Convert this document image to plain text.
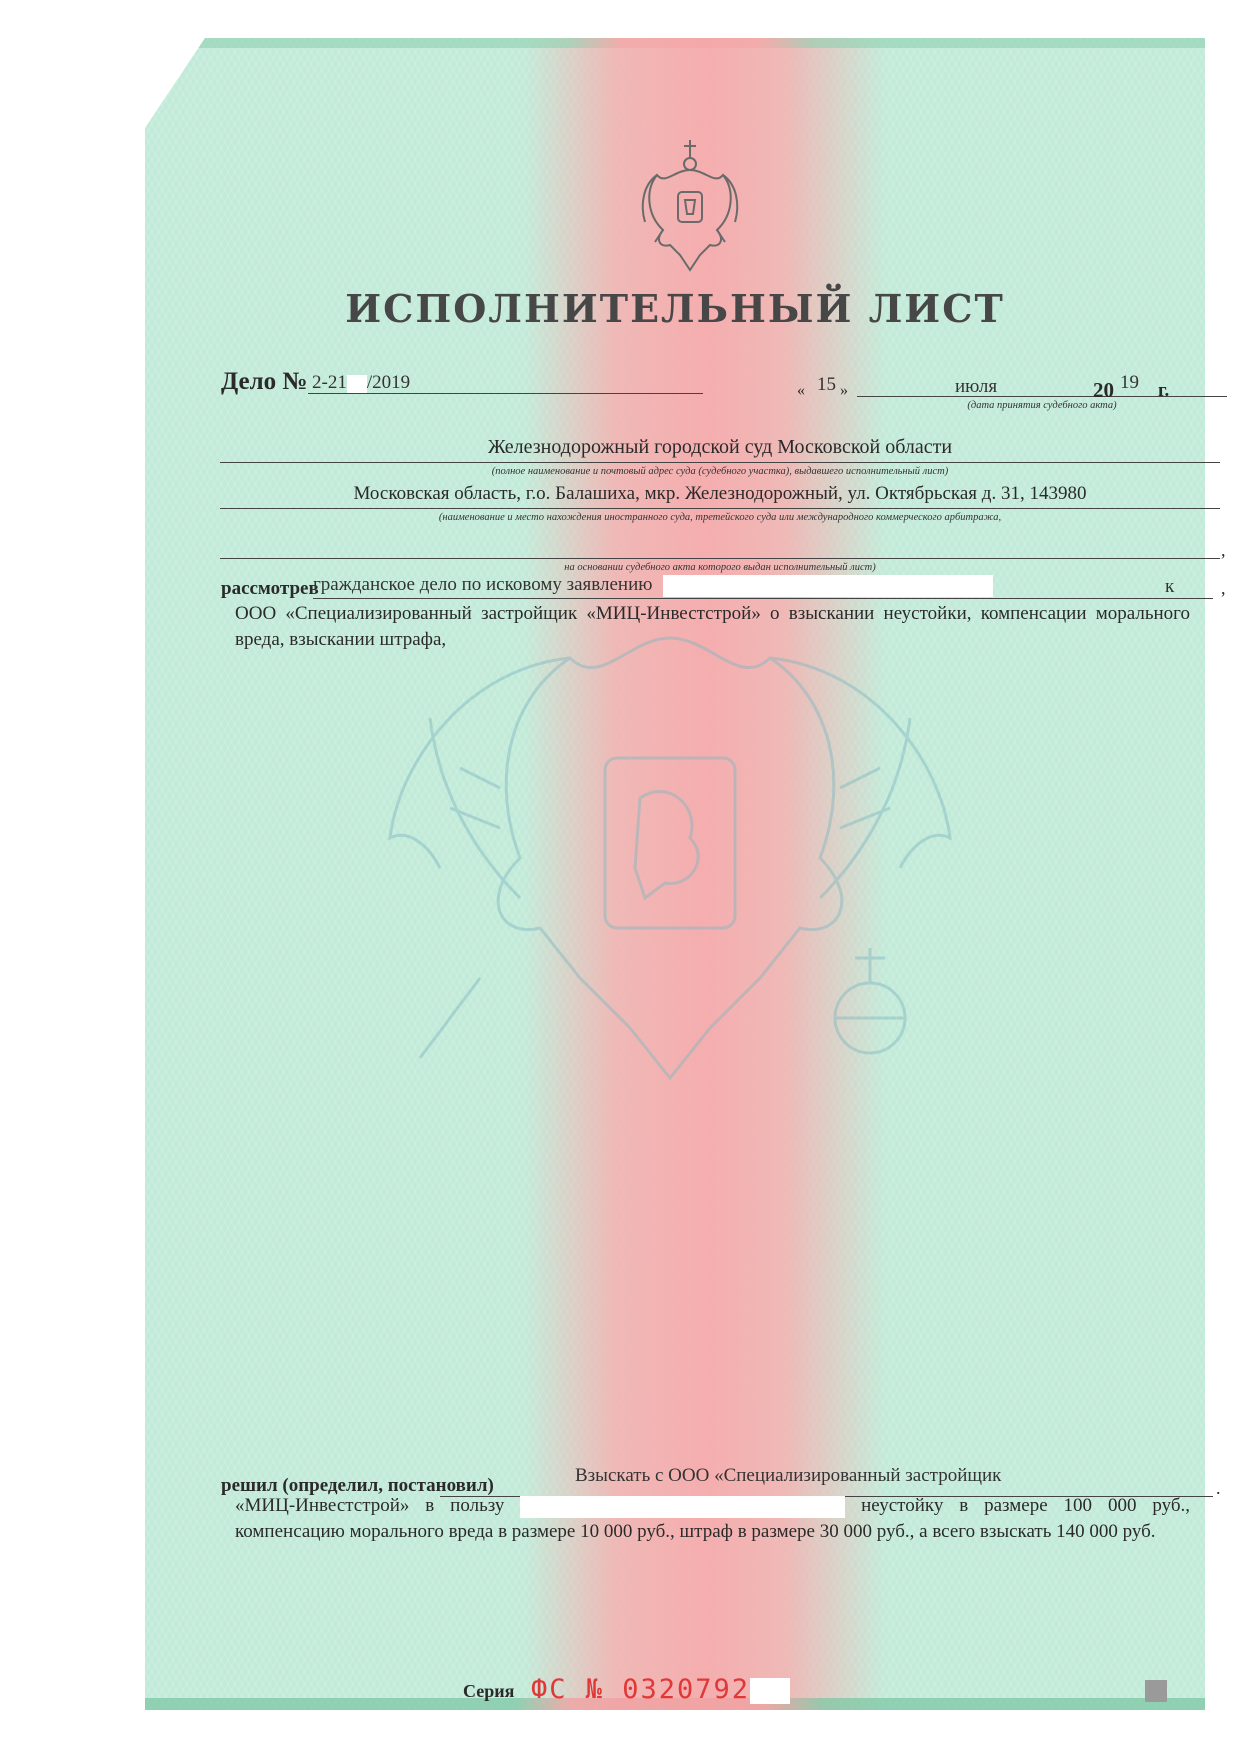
ИСПОЛНИТЕЛЬНЫЙ ЛИСТ
Дело № 2-21 /2019	« 15 »	июля	20 19 г.
(дата принятия судебного акта)
Железнодорожный городской суд Московской области
(полное наименование и почтовый адрес суда (судебного участка), выдавшего исполнительный лист)
Московская область, г.о. Балашиха, мкр. Железнодорожный, ул. Октябрьская д. 31, 143980
(наименование и место нахождения иностранного суда, третейского суда или международного коммерческого арбитража,
,
на основании судебного акта которого выдан исполнительный лист)
рассмотрев
гражданское дело по исковому заявлению	к	,
ООО «Специализированный застройщик «МИЦ-Инвестстрой» о взыскании неустойки, компенсации морального вреда, взыскании штрафа,
решил (определил, постановил)	Взыскать с ООО «Специализированный застройщик
.
«МИЦ-Инвестстрой» в пользу	неустойку в размере 100 000 руб., компенсацию морального вреда в размере 10 000 руб., штраф в размере 30 000 руб., а всего взыскать 140 000 руб.
Серия ФС № 0320792
